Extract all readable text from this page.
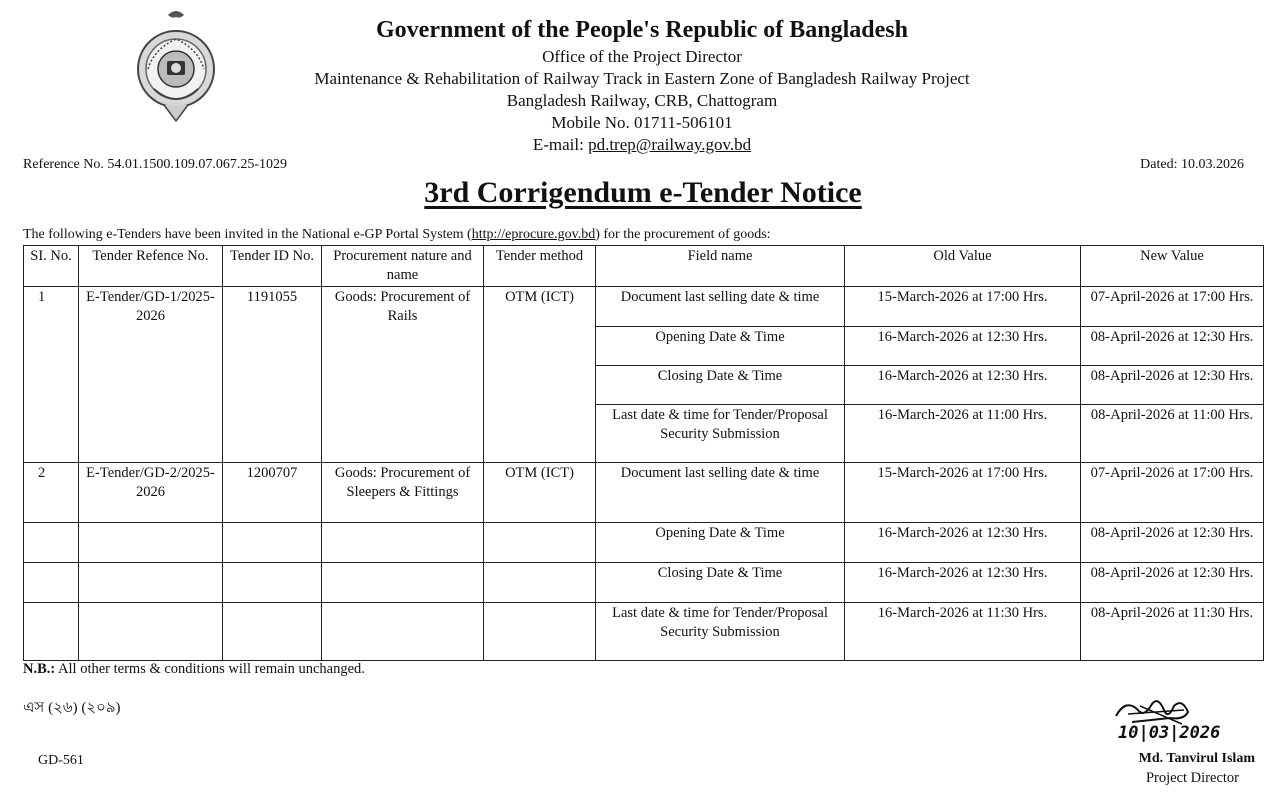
Government of the People's Republic of Bangladesh
Office of the Project Director
Maintenance & Rehabilitation of Railway Track in Eastern Zone of Bangladesh Railway Project
Bangladesh Railway, CRB, Chattogram
Mobile No. 01711-506101
E-mail: pd.trep@railway.gov.bd
Reference No. 54.01.1500.109.07.067.25-1029	Dated: 10.03.2026
3rd Corrigendum e-Tender Notice
The following e-Tenders have been invited in the National e-GP Portal System (http://eprocure.gov.bd) for the procurement of goods:
SI. No.	Tender Refence No.	Tender ID No.	Procurement nature and name	Tender method	Field name	Old Value	New Value
1	E-Tender/GD-1/2025-2026	1191055	Goods: Procurement of Rails	OTM (ICT)	Document last selling date & time	15-March-2026 at 17:00 Hrs.	07-April-2026 at 17:00 Hrs.
					Opening Date & Time	16-March-2026 at 12:30 Hrs.	08-April-2026 at 12:30 Hrs.
					Closing Date & Time	16-March-2026 at 12:30 Hrs.	08-April-2026 at 12:30 Hrs.

					Last date & time for Tender/Proposal Security Submission	16-March-2026 at 11:00 Hrs.	08-April-2026 at 11:00 Hrs.
2	E-Tender/GD-2/2025-2026	1200707	Goods: Procurement of Sleepers & Fittings	OTM (ICT)	Document last selling date & time	15-March-2026 at 17:00 Hrs.	07-April-2026 at 17:00 Hrs.
					Opening Date & Time	16-March-2026 at 12:30 Hrs.	08-April-2026 at 12:30 Hrs.
					Closing Date & Time	16-March-2026 at 12:30 Hrs.	08-April-2026 at 12:30 Hrs.
					Last date & time for Tender/Proposal Security Submission	16-March-2026 at 11:30 Hrs.	08-April-2026 at 11:30 Hrs.
N.B.: All other terms & conditions will remain unchanged.
এস (২৬) (২০৯)
GD-561
10|03|2026
Md. Tanvirul Islam
Project Director
